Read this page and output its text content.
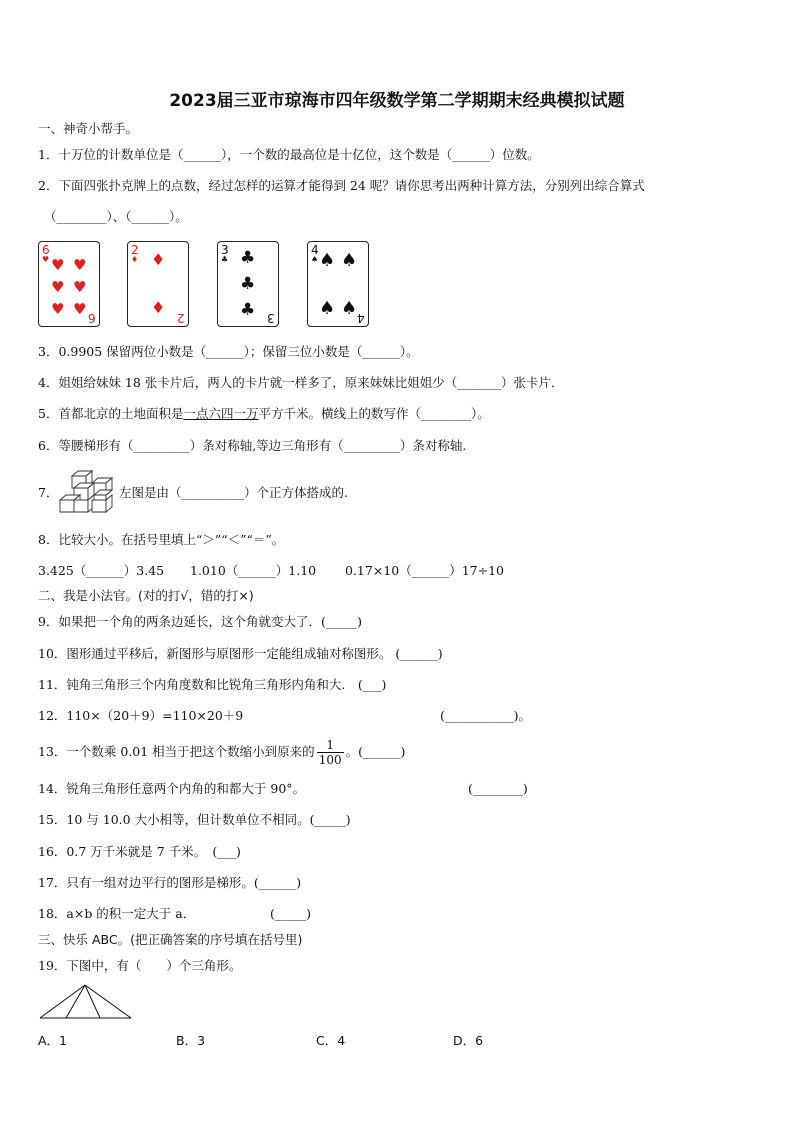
2023届三亚市琼海市四年级数学第二学期期末经典模拟试题
一、神奇小帮手。
1．十万位的计数单位是（______），一个数的最高位是十亿位，这个数是（______）位数。
2．下面四张扑克牌上的点数，经过怎样的运算才能得到 24 呢？请你思考出两种计算方法，分别列出综合算式
（________）、（______）。
6
♥ ♥ ♥
♥ ♥
♥ ♥ 6
2
♦ ♦
♦
2
3
♣ ♣
♣
♣ 3
4
♠ ♠ ♠
♠ ♠ 4
3．0.9905 保留两位小数是（______）；保留三位小数是（______）。
4．姐姐给妹妹 18 张卡片后，两人的卡片就一样多了，原来妹妹比姐姐少（_______）张卡片．
5．首都北京的土地面积是一点六四一万平方千米。横线上的数写作（________）。
6．等腰梯形有（_________）条对称轴,等边三角形有（_________）条对称轴.
7．	左图是由（__________）个正方体搭成的.
8．比较大小。在括号里填上“＞”“＜”“＝”。
3.425（______）3.45 1.010（______）1.10 0.17×10（______）17÷10
二、我是小法官。(对的打√，错的打×)
9．如果把一个角的两条边延长，这个角就变大了．(_____)
10．图形通过平移后，新图形与原图形一定能组成轴对称图形。 (______)
11．钝角三角形三个内角度数和比锐角三角形内角和大.　(___)
12．110×（20＋9）=110×20＋9	(___________)。
13．一个数乘 0.01 相当于把这个数缩小到原来的 $\frac{1}{100}$ 。(______)
14．锐角三角形任意两个内角的和都大于 90°。	(________)
15．10 与 10.0 大小相等，但计数单位不相同。(_____)
16．0.7 万千米就是 7 千米。　(___)
17．只有一组对边平行的图形是梯形。(______)
18．a×b 的积一定大于 a．	(_____)
三、快乐 ABC。(把正确答案的序号填在括号里)
19．下图中，有（　　）个三角形。
A．1	B．3	C．4	D．6
